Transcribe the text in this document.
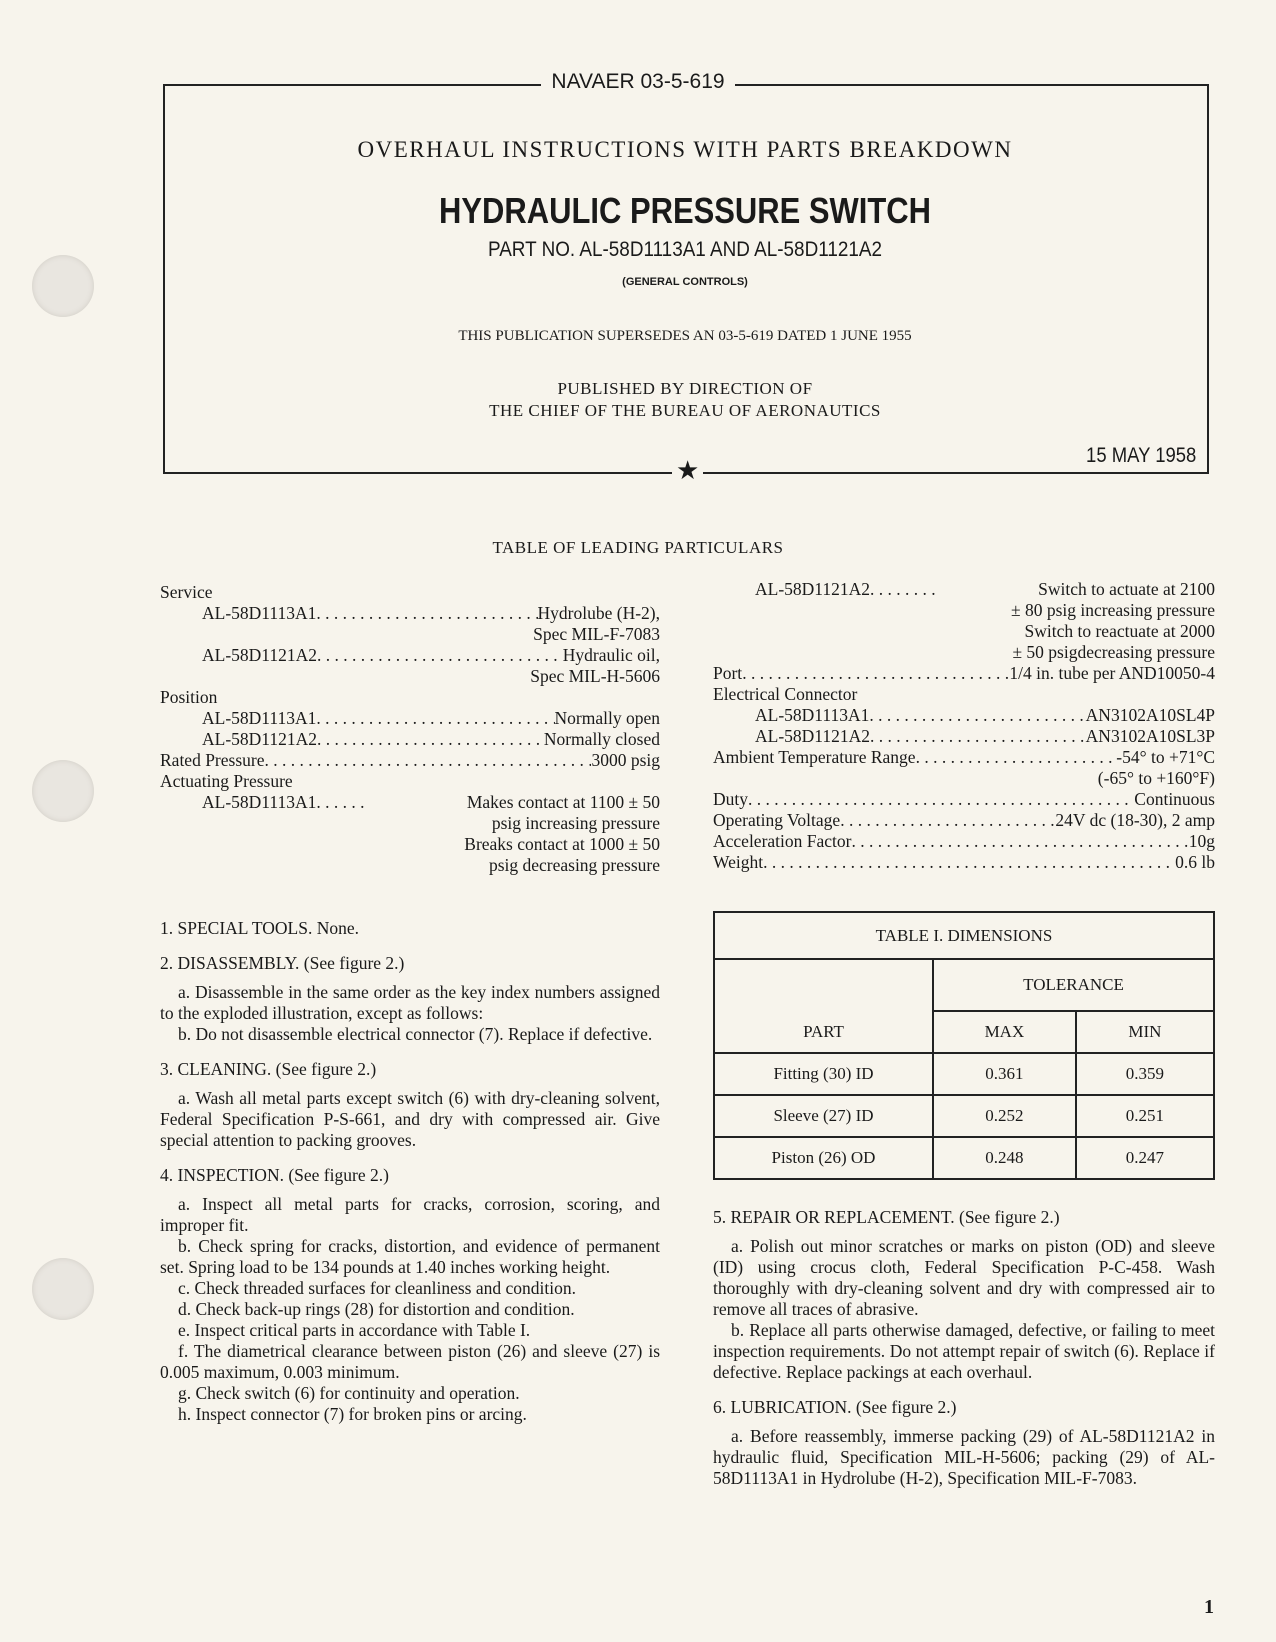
NAVAER 03-5-619
★
OVERHAUL INSTRUCTIONS WITH PARTS BREAKDOWN
HYDRAULIC PRESSURE SWITCH
PART NO. AL-58D1113A1 AND AL-58D1121A2
(GENERAL CONTROLS)
THIS PUBLICATION SUPERSEDES AN 03-5-619 DATED 1 JUNE 1955
PUBLISHED BY DIRECTION OF
THE CHIEF OF THE BUREAU OF AERONAUTICS
15 MAY 1958
TABLE OF LEADING PARTICULARS
Service
AL-58D1113A1 . . .	Hydrolube (H-2),
Spec MIL-F-7083
AL-58D1121A2 . . .	Hydraulic oil,
Spec MIL-H-5606
Position
AL-58D1113A1 . . .	Normally open
AL-58D1121A2 . . .	Normally closed
Rated Pressure . . .	3000 psig
Actuating Pressure
AL-58D1113A1 . . .	Makes contact at 1100 ± 50
psig increasing pressure
Breaks contact at 1000 ± 50
psig decreasing pressure
AL-58D1121A2 . . .	Switch to actuate at 2100
± 80 psig increasing pressure
Switch to reactuate at 2000
± 50 psigdecreasing pressure
Port . . .	1/4 in. tube per AND10050-4
Electrical Connector
AL-58D1113A1 . . .	AN3102A10SL4P
AL-58D1121A2 . . .	AN3102A10SL3P
Ambient Temperature Range . . .	-54° to +71°C
(-65° to +160°F)
Duty . . .	Continuous
Operating Voltage . . .	24V dc (18-30), 2 amp
Acceleration Factor . . .	10g
Weight . . .	0.6 lb

1. SPECIAL TOOLS. None.

2. DISASSEMBLY. (See figure 2.)

a. Disassemble in the same order as the key index numbers assigned to the exploded illustration, except as follows:

b. Do not disassemble electrical connector (7). Replace if defective.

3. CLEANING. (See figure 2.)

a. Wash all metal parts except switch (6) with dry-cleaning solvent, Federal Specification P-S-661, and dry with compressed air. Give special attention to packing grooves.

4. INSPECTION. (See figure 2.)

a. Inspect all metal parts for cracks, corrosion, scoring, and improper fit.

b. Check spring for cracks, distortion, and evidence of permanent set. Spring load to be 134 pounds at 1.40 inches working height.

c. Check threaded surfaces for cleanliness and condition.

d. Check back-up rings (28) for distortion and condition.

e. Inspect critical parts in accordance with Table I.

f. The diametrical clearance between piston (26) and sleeve (27) is 0.005 maximum, 0.003 minimum.

g. Check switch (6) for continuity and operation.

h. Inspect connector (7) for broken pins or arcing.

TABLE I. DIMENSIONS		
PART	TOLERANCE	
	MAX	MIN
Fitting (30) ID	0.361	0.359
Sleeve (27) ID	0.252	0.251
Piston (26) OD	0.248	0.247

5. REPAIR OR REPLACEMENT. (See figure 2.)

a. Polish out minor scratches or marks on piston (OD) and sleeve (ID) using crocus cloth, Federal Specification P-C-458. Wash thoroughly with dry-cleaning solvent and dry with compressed air to remove all traces of abrasive.

b. Replace all parts otherwise damaged, defective, or failing to meet inspection requirements. Do not attempt repair of switch (6). Replace if defective. Replace packings at each overhaul.

6. LUBRICATION. (See figure 2.)

a. Before reassembly, immerse packing (29) of AL-58D1121A2 in hydraulic fluid, Specification MIL-H-5606; packing (29) of AL-58D1113A1 in Hydrolube (H-2), Specification MIL-F-7083.

1
